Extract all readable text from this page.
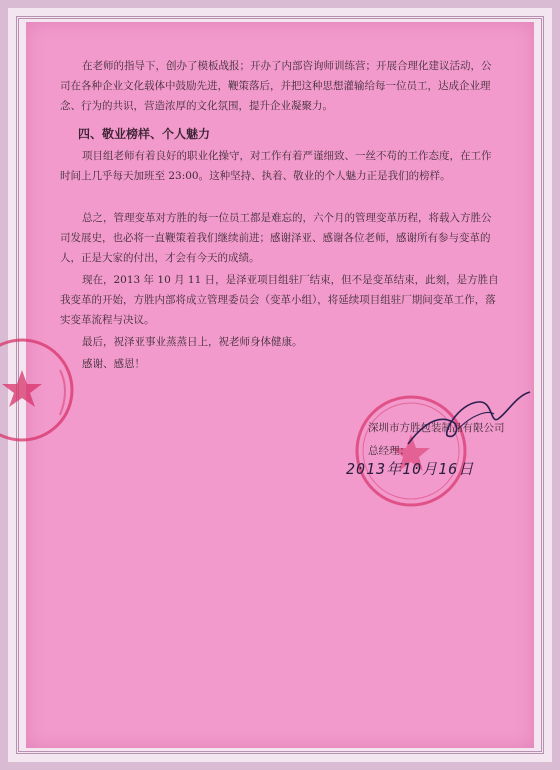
在老师的指导下，创办了模板战报；开办了内部咨询师训练营；开展合理化建议活动，公司在各种企业文化载体中鼓励先进，鞭策落后，并把这种思想灌输给每一位员工，达成企业理念、行为的共识，营造浓厚的文化氛围，提升企业凝聚力。
四、敬业榜样、个人魅力
项目组老师有着良好的职业化操守，对工作有着严谨细致、一丝不苟的工作态度，在工作时间上几乎每天加班至 23:00。这种坚持、执着、敬业的个人魅力正是我们的榜样。
总之，管理变革对方胜的每一位员工都是难忘的，六个月的管理变革历程，将载入方胜公司发展史，也必将一直鞭策着我们继续前进；感谢泽亚、感谢各位老师，感谢所有参与变革的人，正是大家的付出，才会有今天的成绩。
现在，2013 年 10 月 11 日，是泽亚项目组驻厂结束，但不是变革结束，此刻，是方胜自我变革的开始，方胜内部将成立管理委员会（变革小组），将延续项目组驻厂期间变革工作，落实变革流程与决议。
最后，祝泽亚事业蒸蒸日上，祝老师身体健康。
感谢、感恩！
深圳市方胜包装制品有限公司
总经理：
2013年10月16日
